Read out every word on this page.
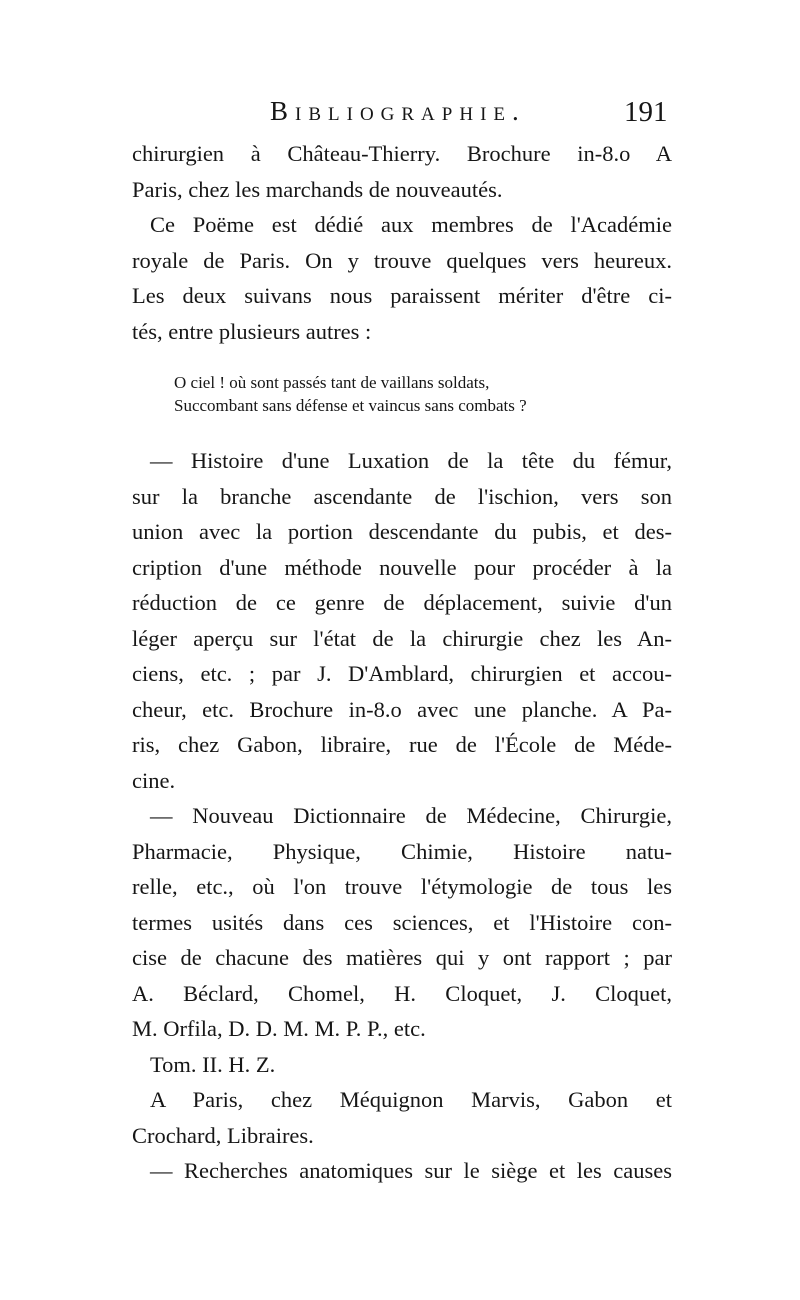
Bibliographie.	191
chirurgien à Château-Thierry. Brochure in-8.o A
Paris, chez les marchands de nouveautés.
Ce Poëme est dédié aux membres de l'Académie
royale de Paris. On y trouve quelques vers heureux.
Les deux suivans nous paraissent mériter d'être ci-
tés, entre plusieurs autres :
O ciel ! où sont passés tant de vaillans soldats,
Succombant sans défense et vaincus sans combats ?
— Histoire d'une Luxation de la tête du fémur,
sur la branche ascendante de l'ischion, vers son
union avec la portion descendante du pubis, et des-
cription d'une méthode nouvelle pour procéder à la
réduction de ce genre de déplacement, suivie d'un
léger aperçu sur l'état de la chirurgie chez les An-
ciens, etc. ; par J. D'Amblard, chirurgien et accou-
cheur, etc. Brochure in-8.o avec une planche. A Pa-
ris, chez Gabon, libraire, rue de l'École de Méde-
cine.
— Nouveau Dictionnaire de Médecine, Chirurgie,
Pharmacie, Physique, Chimie, Histoire natu-
relle, etc., où l'on trouve l'étymologie de tous les
termes usités dans ces sciences, et l'Histoire con-
cise de chacune des matières qui y ont rapport ; par
A. Béclard, Chomel, H. Cloquet, J. Cloquet,
M. Orfila, D. D. M. M. P. P., etc.
Tom. II. H. Z.
A Paris, chez Méquignon Marvis, Gabon et
Crochard, Libraires.
— Recherches anatomiques sur le siège et les causes
